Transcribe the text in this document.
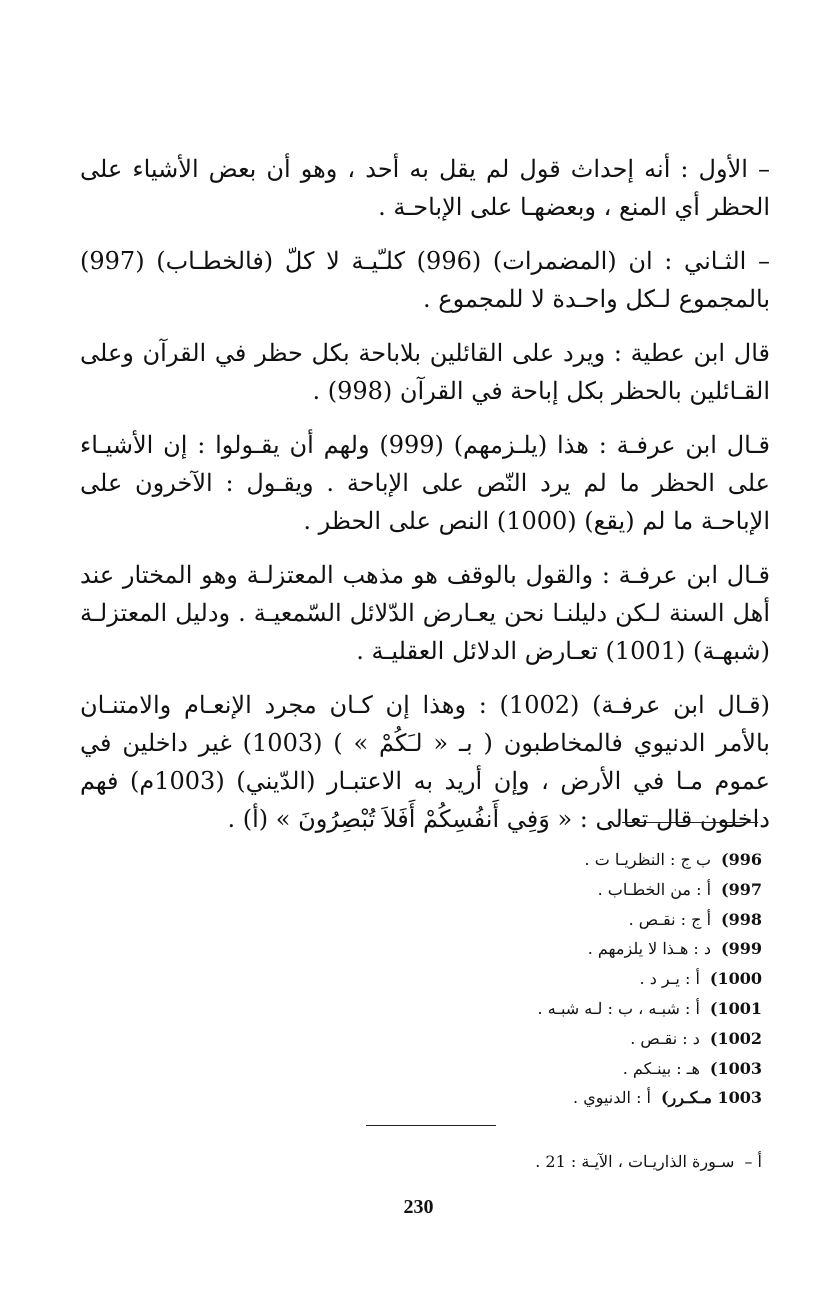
– الأول : أنه إحداث قول لم يقل به أحد ، وهو أن بعض الأشياء على الحظر أي المنع ، وبعضهـا على الإباحـة .

– الثـاني : ان (المضمرات) (996) كلـّيـة لا كلّ (فالخطـاب) (997) بالمجموع لـكل واحـدة لا للمجموع .

قال ابن عطية : ويرد على القائلين بلاباحة بكل حظر في القرآن وعلى القـائلين بالحظر بكل إباحة في القرآن (998) .

قـال ابن عرفـة : هذا (يلـزمهم) (999) ولهم أن يقـولوا : إن الأشيـاء على الحظر ما لم يرد النّص على الإباحة . ويقـول : الآخرون على الإباحـة ما لم (يقع) (1000) النص على الحظر .

قـال ابن عرفـة : والقول بالوقف هو مذهب المعتزلـة وهو المختار عند أهل السنة لـكن دليلنـا نحن يعـارض الدّلائل السّمعيـة . ودليل المعتزلـة (شبهـة) (1001) تعـارض الدلائل العقليـة .

(قـال ابن عرفـة) (1002) : وهذا إن كـان مجرد الإنعـام والامتنـان بالأمر الدنيوي فالمخاطبون ( بـ « لـَكُمْ » ) (1003) غير داخلين في عموم مـا في الأرض ، وإن أريد به الاعتبـار (الدّيني) (1003م) فهم داخلون قال تعالى : « وَفِي أَنفُسِكُمْ أَفَلاَ تُبْصِرُونَ » (أ) .

996)ب ج : النظريـا ت .
997)أ : من الخطـاب .
998)أ ج : نقـص .
999)د : هـذا لا يلزمهم .
1000)أ : يـر د .
1001)أ : شبـه ، ب : لـه شبـه .
1002)د : نقـص .
1003)هـ : بينـكم .
1003 مـكـرر)أ : الدنيوي .
أ –سـورة الذاريـات ، الآيـة : 21 .
230
